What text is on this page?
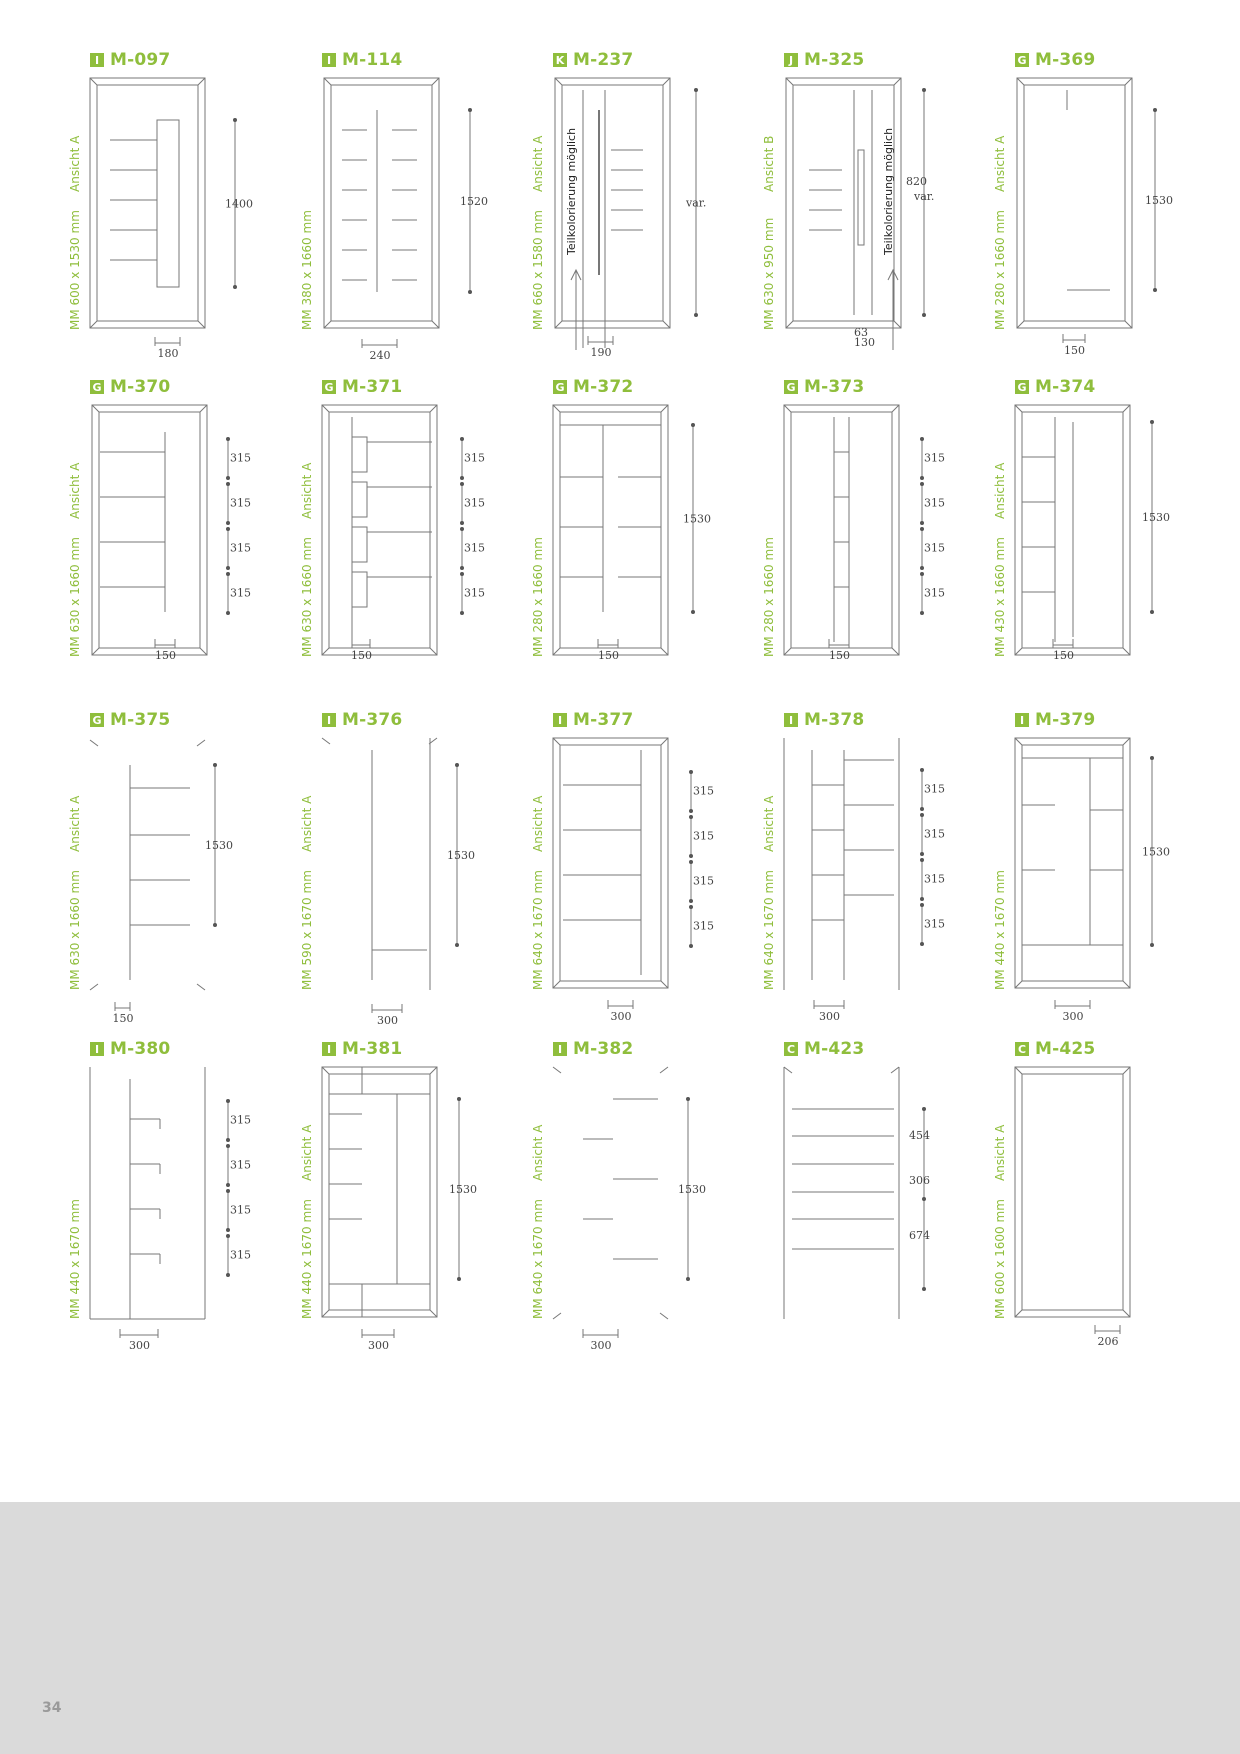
I M-097
Ansicht A
MM 600 x 1530 mm
1400
180
I M-114
MM 380 x 1660 mm
1520
240
K M-237
Ansicht A
MM 660 x 1580 mm
var.
190
Teilkolorierung möglich
J M-325
Ansicht B
MM 630 x 950 mm
820
var.
63
130
Teilkolorierung möglich
G M-369
Ansicht A
MM 280 x 1660 mm
1530
150
G M-370
Ansicht A
MM 630 x 1660 mm
315
315
315
315
150
G M-371
Ansicht A
MM 630 x 1660 mm
315
315
315
315
150
G M-372
MM 280 x 1660 mm
1530
150
G M-373
MM 280 x 1660 mm
315
315
315
315
150
G M-374
Ansicht A
MM 430 x 1660 mm
1530
150
G M-375
Ansicht A
MM 630 x 1660 mm
1530
150
I M-376
Ansicht A
MM 590 x 1670 mm
1530
300
I M-377
Ansicht A
MM 640 x 1670 mm
315
315
315
315
300
I M-378
Ansicht A
MM 640 x 1670 mm
315
315
315
315
300
I M-379
MM 440 x 1670 mm
1530
300
I M-380
MM 440 x 1670 mm
315
315
315
315
300
I M-381
Ansicht A
MM 440 x 1670 mm
1530
300
I M-382
Ansicht A
MM 640 x 1670 mm
1530
300
C M-423
454
306
674
C M-425
Ansicht A
MM 600 x 1600 mm
206
34
